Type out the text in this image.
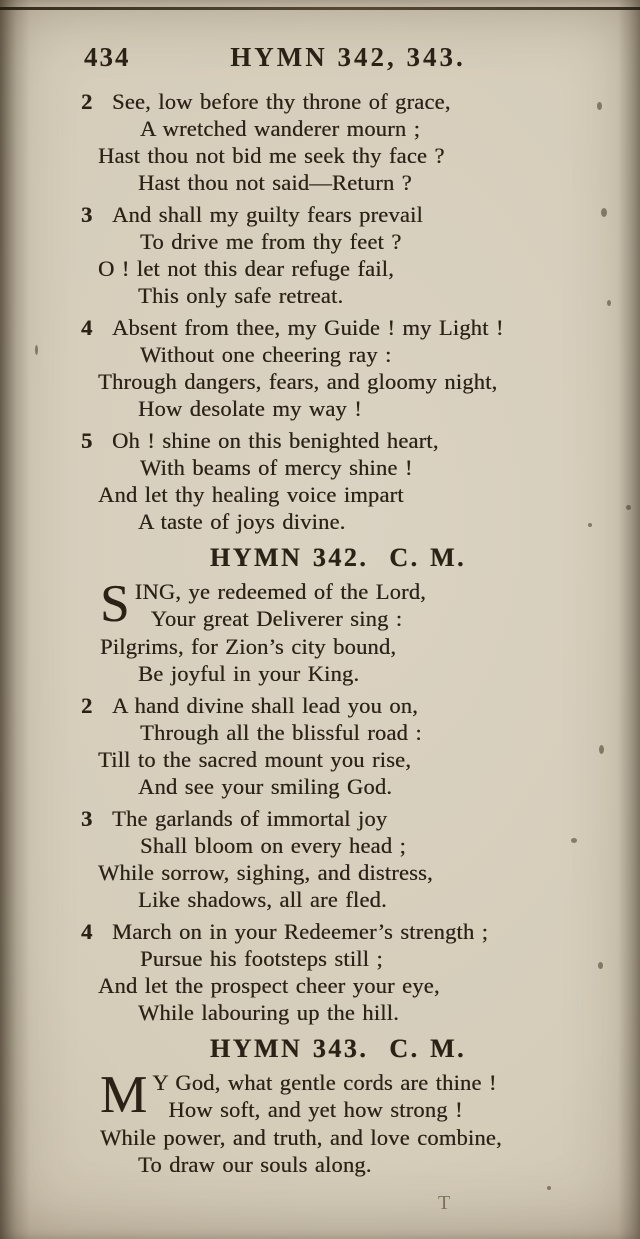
434	HYMN 342, 343.
2 See, low before thy throne of grace,
A wretched wanderer mourn ;
Hast thou not bid me seek thy face ?
Hast thou not said—Return ?
3 And shall my guilty fears prevail
To drive me from thy feet ?
O ! let not this dear refuge fail,
This only safe retreat.
4 Absent from thee, my Guide ! my Light !
Without one cheering ray :
Through dangers, fears, and gloomy night,
How desolate my way !
5 Oh ! shine on this benighted heart,
With beams of mercy shine !
And let thy healing voice impart
A taste of joys divine.
HYMN 342.  C. M.
S ING, ye redeemed of the Lord,
Your great Deliverer sing :
Pilgrims, for Zion’s city bound,
Be joyful in your King.
2 A hand divine shall lead you on,
Through all the blissful road :
Till to the sacred mount you rise,
And see your smiling God.
3 The garlands of immortal joy
Shall bloom on every head ;
While sorrow, sighing, and distress,
Like shadows, all are fled.
4 March on in your Redeemer’s strength ;
Pursue his footsteps still ;
And let the prospect cheer your eye,
While labouring up the hill.
HYMN 343.  C. M.
M Y God, what gentle cords are thine !
How soft, and yet how strong !
While power, and truth, and love combine,
To draw our souls along.
T
